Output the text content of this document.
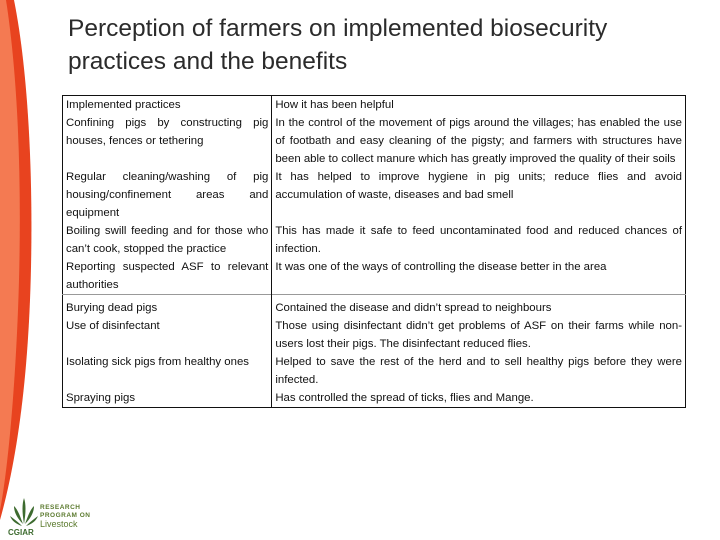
Perception of farmers on implemented biosecurity practices and the benefits
Implemented practices	How it has been helpful
Confining pigs by constructing pig houses, fences or tethering	In the control of the movement of pigs around the villages; has enabled the use of footbath and easy cleaning of the pigsty; and farmers with structures have been able to collect manure which has greatly improved the quality of their soils
Regular cleaning/washing of pig housing/confinement areas and equipment	It has helped to improve hygiene in pig units; reduce flies and avoid accumulation of waste, diseases and bad smell
Boiling swill feeding and for those who can’t cook, stopped the practice	This has made it safe to feed uncontaminated food and reduced chances of infection.
Reporting suspected ASF to relevant authorities	It was one of the ways of controlling the disease better in the area
Burying dead pigs	Contained the disease and didn’t spread to neighbours
Use of disinfectant	Those using disinfectant didn’t get problems of ASF on their farms while non-users lost their pigs. The disinfectant reduced flies.
Isolating sick pigs from healthy ones	Helped to save the rest of the herd and to sell healthy pigs before they were infected.
Spraying pigs	Has controlled the spread of ticks, flies and Mange.
RESEARCH
PROGRAM ON
Livestock
CGIAR
